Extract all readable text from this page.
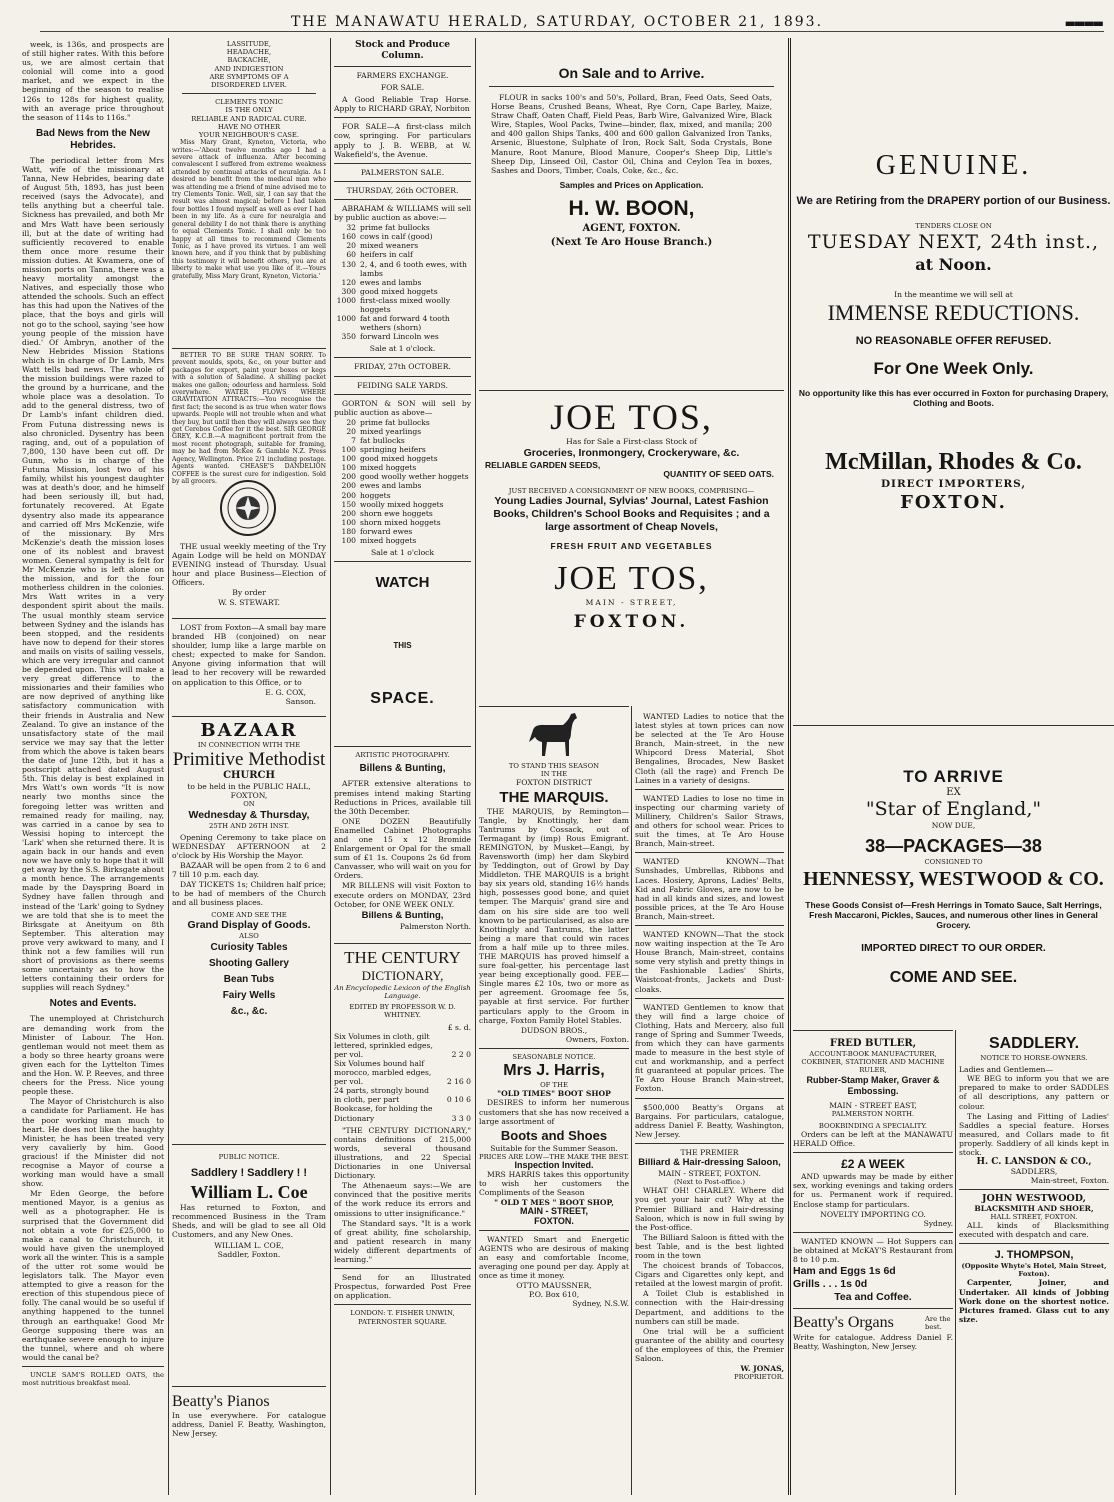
THE MANAWATU HERALD, SATURDAY, OCTOBER 21, 1893.	▬▬▬▬

week, is 136s, and prospects are of still higher rates. With this before us, we are almost certain that colonial will come into a good market, and we expect in the beginning of the season to realise 126s to 128s for highest quality, with an average price throughout the season of 114s to 116s."

Bad News from the New Hebrides.

The periodical letter from Mrs Watt, wife of the missionary at Tanna, New Hebrides, bearing date of August 5th, 1893, has just been received (says the Advocate), and tells anything but a cheerful tale. Sickness has prevailed, and both Mr and Mrs Watt have been seriously ill, but at the date of writing had sufficiently recovered to enable them once more resume their mission duties. At Kwamera, one of mission ports on Tanna, there was a heavy mortality amongst the Natives, and especially those who attended the schools. Such an effect has this had upon the Natives of the place, that the boys and girls will not go to the school, saying 'see how young people of the mission have died.' Of Ambryn, another of the New Hebrides Mission Stations which is in charge of Dr Lamb, Mrs Watt tells bad news. The whole of the mission buildings were razed to the ground by a hurricane, and the whole place was a desolation. To add to the general distress, two of Dr Lamb's infant children died. From Futuna distressing news is also chronicled. Dysentry has been raging, and, out of a population of 7,800, 130 have been cut off. Dr Gunn, who is in charge of the Futuna Mission, lost two of his family, whilst his youngest daughter was at death's door, and he himself had been seriously ill, but had, fortunately recovered. At Egate dysentry also made its appearance and carried off Mrs McKenzie, wife of the missionary. By Mrs McKenzie's death the mission loses one of its noblest and bravest women. General sympathy is felt for Mr McKenzie who is left alone on the mission, and for the four motherless children in the colonies. Mrs Watt writes in a very despondent spirit about the mails. The usual monthly steam service between Sydney and the islands has been stopped, and the residents have now to depend for their stores and mails on visits of sailing vessels, which are very irregular and cannot be depended upon. This will make a very great difference to the missionaries and their families who are now deprived of anything like satisfactory communication with their friends in Australia and New Zealand. To give an instance of the unsatisfactory state of the mail service we may say that the letter from which the above is taken bears the date of June 12th, but it has a postscript attached dated August 5th. This delay is best explained in Mrs Watt's own words "It is now nearly two months since the foregoing letter was written and remained ready for mailing, nay, was carried in a canoe by sea to Wessisi hoping to intercept the 'Lark' when she returned there. It is again back in our hands and even now we have only to hope that it will get away by the S.S. Birksgate about a month hence. The arrangements made by the Dayspring Board in Sydney have fallen through and instead of the 'Lark' going to Sydney we are told that she is to meet the Birksgate at Aneityum on 8th September. This alteration may prove very awkward to many, and I think not a few families will run short of provisions as there seems some uncertainty as to how the letters containing their orders for supplies will reach Sydney."

Notes and Events.

The unemployed at Christchurch are demanding work from the Minister of Labour. The Hon. gentleman would not meet them as a body so three hearty groans were given each for the Lyttelton Times and the Hon. W. P. Reeves, and three cheers for the Press. Nice young people these.

The Mayor of Christchurch is also a candidate for Parliament. He has the poor working man much to heart. He does not like the haughty Minister, he has been treated very very cavalierly by him. Good gracious! if the Minister did not recognise a Mayor of course a working man would have a small show.

Mr Eden George, the before mentioned Mayor, is a genius as well as a photographer. He is surprised that the Government did not obtain a vote for £25,000 to make a canal to Christchurch, it would have given the unemployed work all the winter. This is a sample of the utter rot some would be legislators talk. The Mayor even attempted to give a reason for the erection of this stupendous piece of folly. The canal would be so useful if anything happened to the tunnel through an earthquake! Good Mr George supposing there was an earthquake severe enough to injure the tunnel, where and oh where would the canal be?

UNCLE SAM'S ROLLED OATS, the most nutritious breakfast meal.

LASSITUDE,
HEADACHE,
BACKACHE,
AND INDIGESTION
ARE SYMPTOMS OF A
DISORDERED LIVER.
CLEMENTS TONIC
IS THE ONLY
RELIABLE AND RADICAL CURE.
HAVE NO OTHER
YOUR NEIGHBOUR'S CASE.

Miss Mary Grant, Kyneton, Victoria, who writes:—'About twelve months ago I had a severe attack of influenza. After becoming convalescent I suffered from extreme weakness attended by continual attacks of neuralgia. As I desired no benefit from the medical man who was attending me a friend of mine advised me to try Clements Tonic. Well, sir, I can say that the result was almost magical; before I had taken four bottles I found myself as well as ever I had been in my life. As a cure for neuralgia and general debility I do not think there is anything to equal Clements Tonic. I shall only be too happy at all times to recommend Clements Tonic, as I have proved its virtues. I am well known here, and if you think that by publishing this testimony it will benefit others, you are at liberty to make what use you like of it.—Yours gratefully, Miss Mary Grant, Kyneton, Victoria.'

BETTER TO BE SURE THAN SORRY. To prevent moulds, spots, &c., on your butter and packages for export, paint your boxes or kegs with a solution of Saladine. A shilling packet makes one gallon; odourless and harmless. Sold everywhere. WATER FLOWS WHERE GRAVITATION ATTRACTS:—You recognise the first fact; the second is as true when water flows upwards. People will not trouble when and what they buy, but until then they will always see they get Cerebos Coffee for it the best. SIR GEORGE GREY, K.C.B.—A magnificent portrait from the most recent photograph, suitable for framing, may be had from McKee & Gamble N.Z. Press Agency, Wellington. Price 2/1 including postage. Agents wanted. CHEASE'S DANDELION COFFEE is the surest cure for indigestion. Sold by all grocers.

THE usual weekly meeting of the Try Again Lodge will be held on MONDAY EVENING instead of Thursday. Usual hour and place Business—Election of Officers.

By order
W. S. STEWART.

LOST from Foxton—A small bay mare branded HB (conjoined) on near shoulder, lump like a large marble on chest; expected to make for Sandon. Anyone giving information that will lead to her recovery will be rewarded on application to this Office, or to

E. G. COX,
Sanson.
BAZAAR
IN CONNECTION WITH THE
Primitive Methodist
CHURCH
to be held in the PUBLIC HALL, FOXTON,
ON
Wednesday & Thursday,
25TH AND 26TH INST.

Opening Ceremony to take place on WEDNESDAY AFTERNOON at 2 o'clock by His Worship the Mayor.

BAZAAR will be open from 2 to 6 and 7 till 10 p.m. each day.

DAY TICKETS 1s; Children half price; to be had of members of the Church and all business places.

COME AND SEE THE
Grand Display of Goods.
ALSO
Curiosity Tables
Shooting Gallery
Bean Tubs
Fairy Wells
&c., &c.
PUBLIC NOTICE.
Saddlery ! Saddlery ! !
William L. Coe

Has returned to Foxton, and recommenced Business in the Tram Sheds, and will be glad to see all Old Customers, and any New Ones.

WILLIAM L. COE,
Saddler, Foxton.
Beatty's Pianos

In use everywhere. For catalogue address, Daniel F. Beatty, Washington, New Jersey.

Stock and Produce Column.
FARMERS EXCHANGE.
FOR SALE.

A Good Reliable Trap Horse. Apply to RICHARD GRAY, Norbiton

FOR SALE—A first-class milch cow, springing. For particulars apply to J. B. WEBB, at W. Wakefield's, the Avenue.

PALMERSTON SALE.
THURSDAY, 26th OCTOBER.

ABRAHAM & WILLIAMS will sell by public auction as above:—

32 prime fat bullocks
160 cows in calf (good)
20 mixed weaners
60 heifers in calf
130 2, 4, and 6 tooth ewes, with lambs
120 ewes and lambs
300 good mixed hoggets
1000 first-class mixed woolly hoggets
1000 fat and forward 4 tooth wethers (shorn)
350 forward Lincoln wes
Sale at 1 o'clock.
FRIDAY, 27th OCTOBER.
FEIDING SALE YARDS.

GORTON & SON will sell by public auction as above—

20 prime fat bullocks
20 mixed yearlings
7 fat bullocks
100 springing heifers
100 good mixed hoggets
100 mixed hoggets
200 good woolly wether hoggets
200 ewes and lambs
200 hoggets
150 woolly mixed hoggets
200 shorn ewe hoggets
100 shorn mixed hoggets
180 forward ewes
100 mixed hoggets
Sale at 1 o'clock
WATCH
THIS
SPACE.
ARTISTIC PHOTOGRAPHY.
Billens & Bunting,

AFTER extensive alterations to premises intend making Starting Reductions in Prices, available till the 30th December.

ONE DOZEN Beautifully Enamelled Cabinet Photographs and one 15 x 12 Bromide Enlargement or Opal for the small sum of £1 1s. Coupons 2s 6d from Canvasser, who will wait on you for Orders.

MR BILLENS will visit Foxton to execute orders on MONDAY, 23rd October, for ONE WEEK ONLY.

Billens & Bunting,
Palmerston North.
THE CENTURY
DICTIONARY,
An Encyclopedic Lexicon of the English Language.
EDITED BY PROFESSOR W. D. WHITNEY.
£ s. d.
Six Volumes in cloth, gilt lettered, sprinkled edges, per vol.	2 2 0
Six Volumes bound half morocco, marbled edges, per vol.	2 16 0
24 parts, strongly bound in cloth, per part	0 10 6
Bookcase, for holding the Dictionary	3 3 0

"THE CENTURY DICTIONARY," contains definitions of 215,000 words, several thousand illustrations, and 22 Special Dictionaries in one Universal Dictionary.

The Athenaeum says:—We are convinced that the positive merits of the work reduce its errors and omissions to utter insignificance."

The Standard says. "It is a work of great ability, fine scholarship, and patient research in many widely different departments of learning."

Send for an Illustrated Prospectus, forwarded Post Free on application.

LONDON: T. FISHER UNWIN, PATERNOSTER SQUARE.
On Sale and to Arrive.

FLOUR in sacks 100's and 50's, Pollard, Bran, Feed Oats, Seed Oats, Horse Beans, Crushed Beans, Wheat, Rye Corn, Cape Barley, Maize, Straw Chaff, Oaten Chaff, Field Peas, Barb Wire, Galvanized Wire, Black Wire, Staples, Wool Packs, Twine—binder, flax, mixed, and manila; 200 and 400 gallon Ships Tanks, 400 and 600 gallon Galvanized Iron Tanks, Arsenic, Bluestone, Sulphate of Iron, Rock Salt, Soda Crystals, Bone Manure, Root Manure, Blood Manure, Cooper's Sheep Dip, Little's Sheep Dip, Linseed Oil, Castor Oil, China and Ceylon Tea in boxes, Sashes and Doors, Timber, Coals, Coke, &c., &c.

Samples and Prices on Application.
H. W. BOON,
AGENT, FOXTON.
(Next Te Aro House Branch.)
JOE TOS,
Has for Sale a First-class Stock of
Groceries, Ironmongery, Crockeryware, &c.
RELIABLE GARDEN SEEDS,
QUANTITY OF SEED OATS.
JUST RECEIVED A CONSIGNMENT OF NEW BOOKS, COMPRISING—
Young Ladies Journal, Sylvias' Journal, Latest Fashion Books, Children's School Books and Requisites ; and a large assortment of Cheap Novels,
FRESH FRUIT AND VEGETABLES
JOE TOS,
MAIN - STREET,
FOXTON.
TO STAND THIS SEASON
IN THE
FOXTON DISTRICT
THE MARQUIS.

THE MARQUIS, by Remington—Tangle, by Knottingly, her dam Tantrums by Cossack, out of Termagant by (imp) Rous Emigrant. REMINGTON, by Musket—Eangi, by Ravensworth (imp) her dam Skybird by Teddington, out of Growl by Day Middleton. THE MARQUIS is a bright bay six years old, standing 16½ hands high, possesses good bone, and quiet temper. The Marquis' grand sire and dam on his sire side are too well known to be particularised, as also are Knottingly and Tantrums, the latter being a mare that could win races from a half mile up to three miles. THE MARQUIS has proved himself a sure foal-getter, his percentage last year being exceptionally good. FEE—Single mares £2 10s, two or more as per agreement. Groomage fee 5s, payable at first service. For further particulars apply to the Groom in charge, Foxton Family Hotel Stables.

DUDSON BROS.,
Owners, Foxton.
SEASONABLE NOTICE.
Mrs J. Harris,
OF THE
"OLD TIMES" BOOT SHOP

DESIRES to inform her numerous customers that she has now received a large assortment of

Boots and Shoes
Suitable for the Summer Season.
PRICES ARE LOW—THE MAKE THE BEST.
Inspection Invited.

MRS HARRIS takes this opportunity to wish her customers the Compliments of the Season

" OLD T MES " BOOT SHOP,
MAIN - STREET,
FOXTON.

WANTED Smart and Energetic AGENTS who are desirous of making an easy and comfortable Income, averaging one pound per day. Apply at once as time it money.

OTTO MAUSSNER,
P.O. Box 610,
Sydney, N.S.W.

WANTED Ladies to notice that the latest styles at town prices can now be selected at the Te Aro House Branch, Main-street, in the new Whipcord Dress Material, Shot Bengalines, Brocades, New Basket Cloth (all the rage) and French De Laines in a variety of designs.

WANTED Ladies to lose no time in inspecting our charming variety of Millinery, Children's Sailor Straws, and others for school wear. Prices to suit the times, at Te Aro House Branch, Main-street.

WANTED KNOWN—That Sunshades, Umbrellas, Ribbons and Laces. Hosiery, Aprons, Ladies' Belts, Kid and Fabric Gloves, are now to be had in all kinds and sizes, and lowest possible prices, at the Te Aro House Branch, Main-street.

WANTED KNOWN—That the stock now waiting inspection at the Te Aro House Branch, Main-street, contains some very stylish and pretty things in the Fashionable Ladies' Shirts, Waistcoat-fronts, Jackets and Dust-cloaks.

WANTED Gentlemen to know that they will find a large choice of Clothing, Hats and Mercery, also full range of Spring and Summer Tweeds, from which they can have garments made to measure in the best style of cut and workmanship, and a perfect fit guaranteed at popular prices. The Te Aro House Branch Main-street, Foxton.

$500,000 Beatty's Organs at Bargains. For particulars, catalogue, address Daniel F. Beatty, Washington, New Jersey.

THE PREMIER
Billiard & Hair-dressing Saloon,
MAIN - STREET, FOXTON.
(Next to Post-office.)

WHAT OH! CHARLEY. Where did you get your hair cut? Why at the Premier Billiard and Hair-dressing Saloon, which is now in full swing by the Post-office.

The Billiard Saloon is fitted with the best Table, and is the best lighted room in the town

The choicest brands of Tobaccos, Cigars and Cigarettes only kept, and retailed at the lowest margin of profit.

A Toilet Club is established in connection with the Hair-dressing Department, and additions to the numbers can still be made.

One trial will be a sufficient guarantee of the ability and courtesy of the employees of this, the Premier Saloon.

W. JONAS,
PROPRIETOR.
GENUINE.
We are Retiring from the DRAPERY portion of our Business.
TENDERS CLOSE ON
TUESDAY NEXT, 24th inst.,
at Noon.
In the meantime we will sell at
IMMENSE REDUCTIONS.
NO REASONABLE OFFER REFUSED.
For One Week Only.
No opportunity like this has ever occurred in Foxton for purchasing Drapery, Clothing and Boots.
McMillan, Rhodes & Co.
DIRECT IMPORTERS,
FOXTON.
TO ARRIVE
EX
"Star of England,"
NOW DUE,
38—PACKAGES—38
CONSIGNED TO
HENNESSY, WESTWOOD & CO.
These Goods Consist of—Fresh Herrings in Tomato Sauce, Salt Herrings, Fresh Maccaroni, Pickles, Sauces, and numerous other lines in General Grocery.
IMPORTED DIRECT TO OUR ORDER.
COME AND SEE.
FRED BUTLER,
ACCOUNT-BOOK MANUFACTURER, COKBINER, STATIONER AND MACHINE RULER,
Rubber-Stamp Maker, Graver & Embossing.
MAIN - STREET EAST,
PALMERSTON NORTH.
BOOKBINDING A SPECIALITY.

Orders can be left at the MANAWATU HERALD Office.

£2 A WEEK

AND upwards may be made by either sex, working evenings and taking orders for us. Permanent work if required. Enclose stamp for particulars.

NOVELTY IMPORTING CO.
Sydney.

WANTED KNOWN — Hot Suppers can be obtained at McKAY'S Restaurant from 8 to 10 p.m.

Ham and Eggs 1s 6d
Grills . . . 1s 0d
Tea and Coffee.
Beatty's Organs	Are the best.

Write for catalogue. Address Daniel F. Beatty, Washington, New Jersey.

SADDLERY.
NOTICE TO HORSE-OWNERS.
Ladies and Gentlemen—

WE BEG to inform you that we are prepared to make to order SADDLES of all descriptions, any pattern or colour.

The Lasing and Fitting of Ladies' Saddles a special feature. Horses measured, and Collars made to fit properly. Saddlery of all kinds kept in stock.

H. C. LANSDON & CO.,
SADDLERS,
Main-street, Foxton.
JOHN WESTWOOD,
BLACKSMITH AND SHOER,
HALL STREET, FOXTON.

ALL kinds of Blacksmithing executed with despatch and care.

J. THOMPSON,
(Opposite Whyte's Hotel, Main Street, Foxton).

Carpenter, Joiner, and Undertaker. All kinds of Jobbing Work done on the shortest notice. Pictures framed. Glass cut to any size.
